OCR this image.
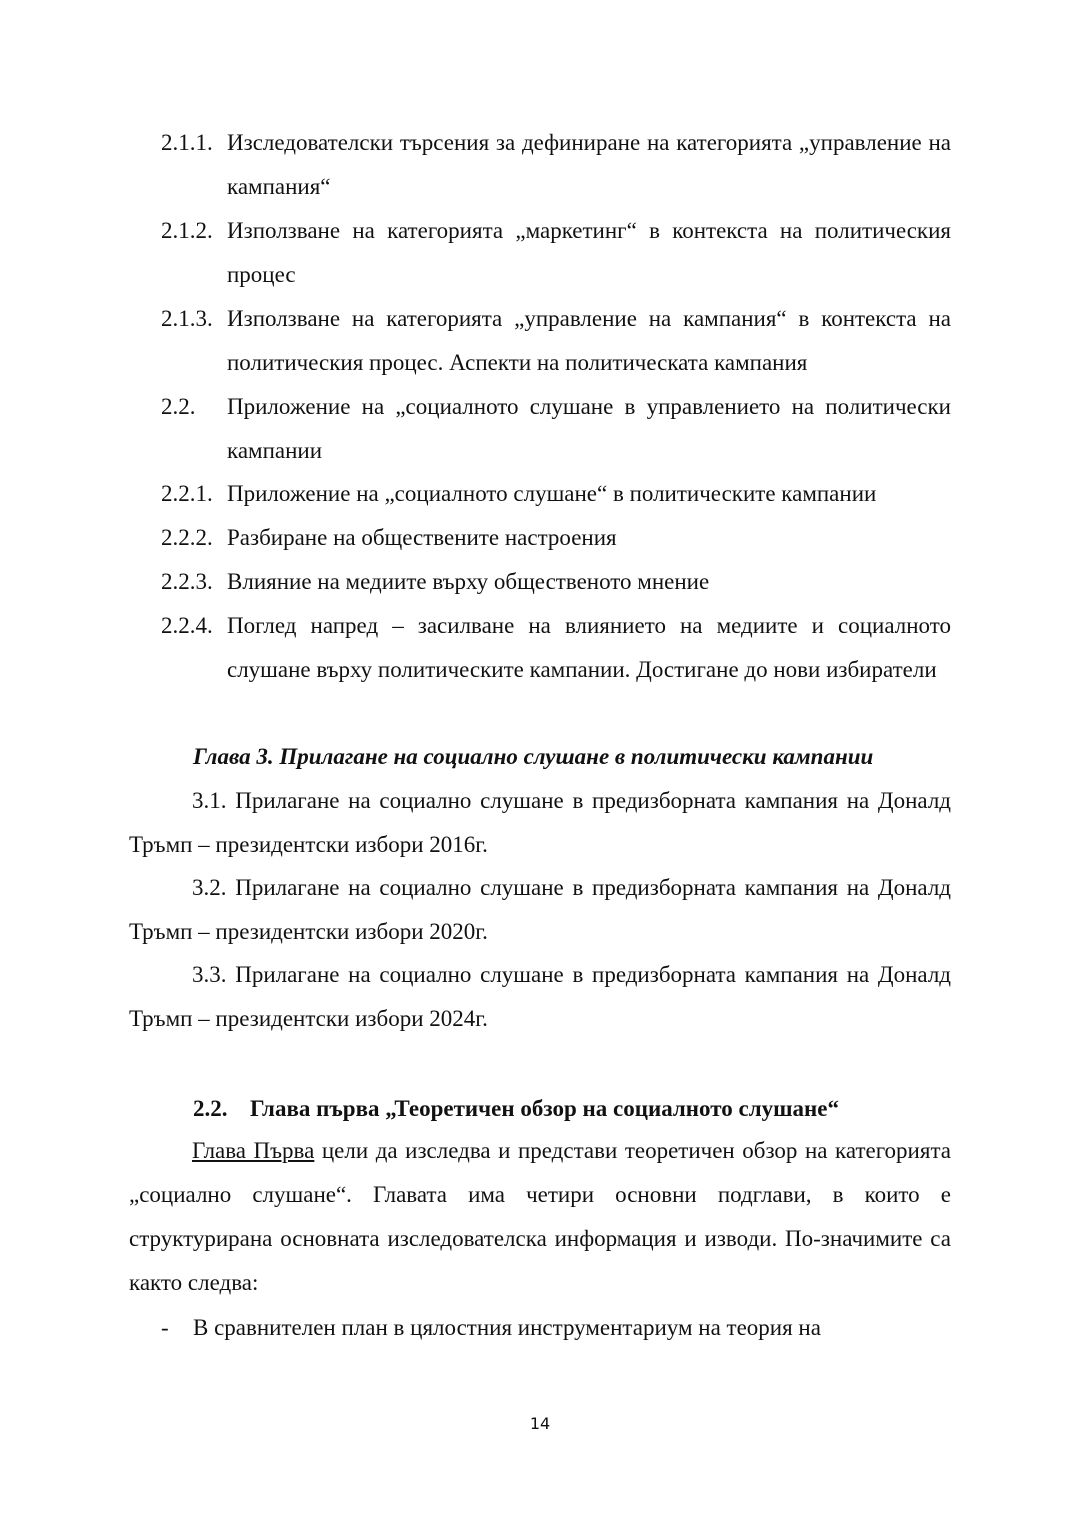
2.1.1. Изследователски търсения за дефиниране на категорията „управление на кампания“
2.1.2. Използване на категорията „маркетинг“ в контекста на политическия процес
2.1.3. Използване на категорията „управление на кампания“ в контекста на политическия процес. Аспекти на политическата кампания
2.2. Приложение на „социалното слушане в управлението на политически кампании
2.2.1. Приложение на „социалното слушане“ в политическите кампании
2.2.2. Разбиране на обществените настроения
2.2.3. Влияние на медиите върху общественото мнение
2.2.4. Поглед напред – засилване на влиянието на медиите и социалното слушане върху политическите кампании. Достигане до нови избиратели
Глава 3. Прилагане на социално слушане в политически кампании
3.1. Прилагане на социално слушане в предизборната кампания на Доналд Тръмп – президентски избори 2016г.
3.2. Прилагане на социално слушане в предизборната кампания на Доналд Тръмп – президентски избори 2020г.
3.3. Прилагане на социално слушане в предизборната кампания на Доналд Тръмп – президентски избори 2024г.
2.2. Глава първа „Теоретичен обзор на социалното слушане“
Глава Първа цели да изследва и представи теоретичен обзор на категорията „социално слушане“. Главата има четири основни подглави, в които е структурирана основната изследователска информация и изводи. По-значимите са както следва:
- В сравнителен план в цялостния инструментариум на теория на
14
